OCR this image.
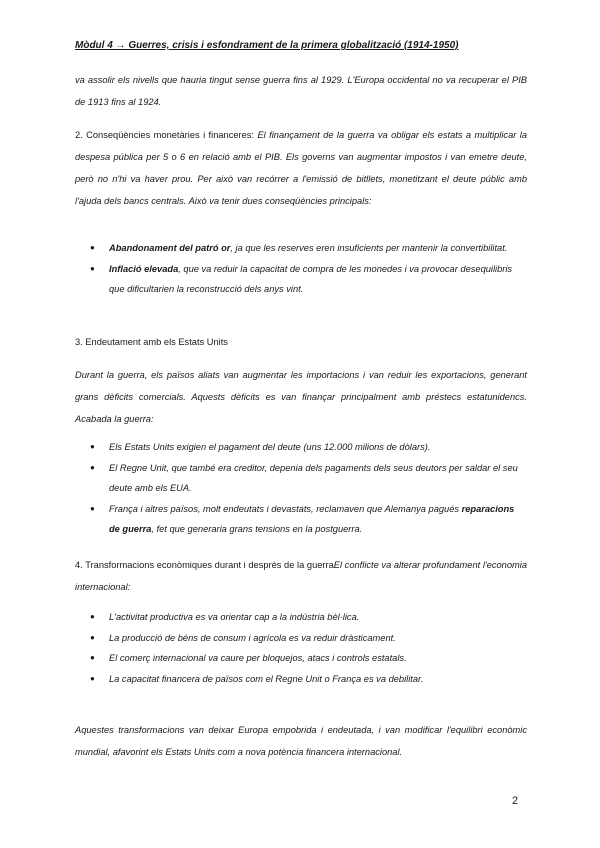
Mòdul 4 → Guerres, crisis i esfondrament de la primera globalització (1914-1950)
va assolir els nivells que hauria tingut sense guerra fins al 1929. L'Europa occidental no va recuperar el PIB de 1913 fins al 1924.
2. Conseqüències monetàries i financeres: El finançament de la guerra va obligar els estats a multiplicar la despesa pública per 5 o 6 en relació amb el PIB. Els governs van augmentar impostos i van emetre deute, però no n'hi va haver prou. Per això van recórrer a l'emissió de bitllets, monetitzant el deute públic amb l'ajuda dels bancs centrals. Això va tenir dues conseqüències principals:
● Abandonament del patró or, ja que les reserves eren insuficients per mantenir la convertibilitat.
● Inflació elevada, que va reduir la capacitat de compra de les monedes i va provocar desequilibris que dificultarien la reconstrucció dels anys vint.
3. Endeutament amb els Estats Units
Durant la guerra, els països aliats van augmentar les importacions i van reduir les exportacions, generant grans dèficits comercials. Aquests dèficits es van finançar principalment amb préstecs estatunidencs. Acabada la guerra:
● Els Estats Units exigien el pagament del deute (uns 12.000 milions de dòlars).
● El Regne Unit, que també era creditor, depenia dels pagaments dels seus deutors per saldar el seu deute amb els EUA.
● França i altres països, molt endeutats i devastats, reclamaven que Alemanya pagués reparacions de guerra, fet que generaria grans tensions en la postguerra.
4. Transformacions econòmiques durant i després de la guerraEl conflicte va alterar profundament l'economia internacional:
● L'activitat productiva es va orientar cap a la indústria bèl·lica.
● La producció de béns de consum i agrícola es va reduir dràsticament.
● El comerç internacional va caure per bloquejos, atacs i controls estatals.
● La capacitat financera de països com el Regne Unit o França es va debilitar.
Aquestes transformacions van deixar Europa empobrida i endeutada, i van modificar l'equilibri econòmic mundial, afavorint els Estats Units com a nova potència financera internacional.
2
